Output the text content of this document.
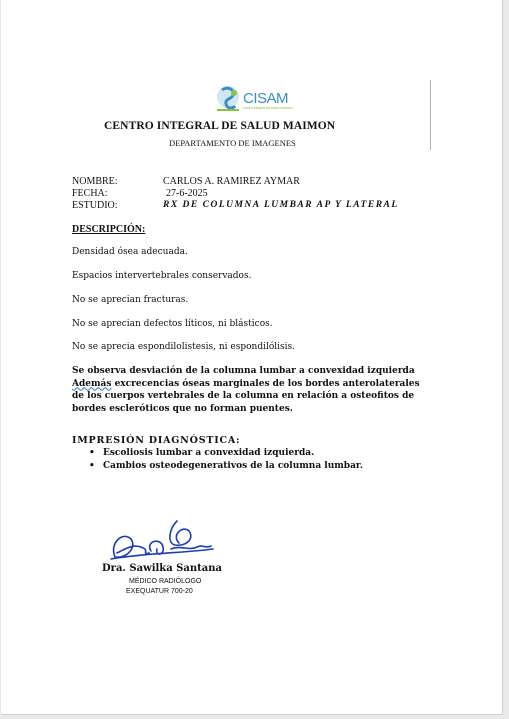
CISAM
centro integral de salud maimon
CENTRO INTEGRAL DE SALUD MAIMON
DEPARTAMENTO DE IMAGENES
NOMBRE:	CARLOS A. RAMIREZ AYMAR
FECHA:	27-6-2025
ESTUDIO:	RX DE COLUMNA LUMBAR AP Y LATERAL
DESCRIPCIÓN:
Densidad ósea adecuada.
Espacios intervertebrales conservados.
No se aprecian fracturas.
No se aprecian defectos líticos, ni blásticos.
No se aprecia espondilolistesis, ni espondilólisis.
Se observa desviación de la columna lumbar a convexidad izquierda
Además excrecencias óseas marginales de los bordes anterolaterales de los cuerpos vertebrales de la columna en relación a osteofitos de bordes escleróticos que no forman puentes.
IMPRESIÓN DIAGNÓSTICA:
• Escoliosis lumbar a convexidad izquierda.
• Cambios osteodegenerativos de la columna lumbar.
Dra. Sawilka Santana
MÉDICO RADIÓLOGO
EXEQUATUR 700-20
